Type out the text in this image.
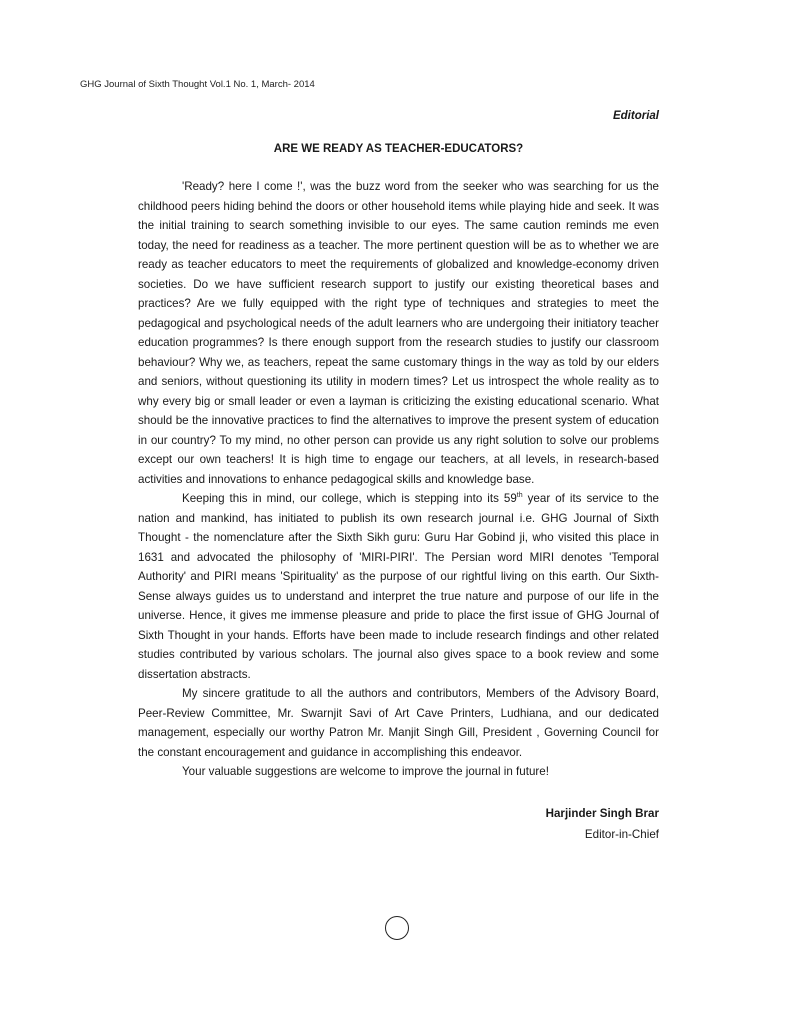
GHG Journal of Sixth Thought Vol.1 No. 1, March- 2014
Editorial
ARE WE READY AS TEACHER-EDUCATORS?

'Ready? here I come !', was the buzz word from the seeker who was searching for us the childhood peers hiding behind the doors or other household items while playing hide and seek. It was the initial training to search something invisible to our eyes. The same caution reminds me even today, the need for readiness as a teacher. The more pertinent question will be as to whether we are ready as teacher educators to meet the requirements of globalized and knowledge-economy driven societies. Do we have sufficient research support to justify our existing theoretical bases and practices? Are we fully equipped with the right type of techniques and strategies to meet the pedagogical and psychological needs of the adult learners who are undergoing their initiatory teacher education programmes? Is there enough support from the research studies to justify our classroom behaviour? Why we, as teachers, repeat the same customary things in the way as told by our elders and seniors, without questioning its utility in modern times? Let us introspect the whole reality as to why every big or small leader or even a layman is criticizing the existing educational scenario. What should be the innovative practices to find the alternatives to improve the present system of education in our country? To my mind, no other person can provide us any right solution to solve our problems except our own teachers! It is high time to engage our teachers, at all levels, in research-based activities and innovations to enhance pedagogical skills and knowledge base.

Keeping this in mind, our college, which is stepping into its 59th year of its service to the nation and mankind, has initiated to publish its own research journal i.e. GHG Journal of Sixth Thought - the nomenclature after the Sixth Sikh guru: Guru Har Gobind ji, who visited this place in 1631 and advocated the philosophy of 'MIRI-PIRI'. The Persian word MIRI denotes 'Temporal Authority' and PIRI means 'Spirituality' as the purpose of our rightful living on this earth. Our Sixth-Sense always guides us to understand and interpret the true nature and purpose of our life in the universe. Hence, it gives me immense pleasure and pride to place the first issue of GHG Journal of Sixth Thought in your hands. Efforts have been made to include research findings and other related studies contributed by various scholars. The journal also gives space to a book review and some dissertation abstracts.

My sincere gratitude to all the authors and contributors, Members of the Advisory Board, Peer-Review Committee, Mr. Swarnjit Savi of Art Cave Printers, Ludhiana, and our dedicated management, especially our worthy Patron Mr. Manjit Singh Gill, President , Governing Council for the constant encouragement and guidance in accomplishing this endeavor.

Your valuable suggestions are welcome to improve the journal in future!

Harjinder Singh Brar
Editor-in-Chief
